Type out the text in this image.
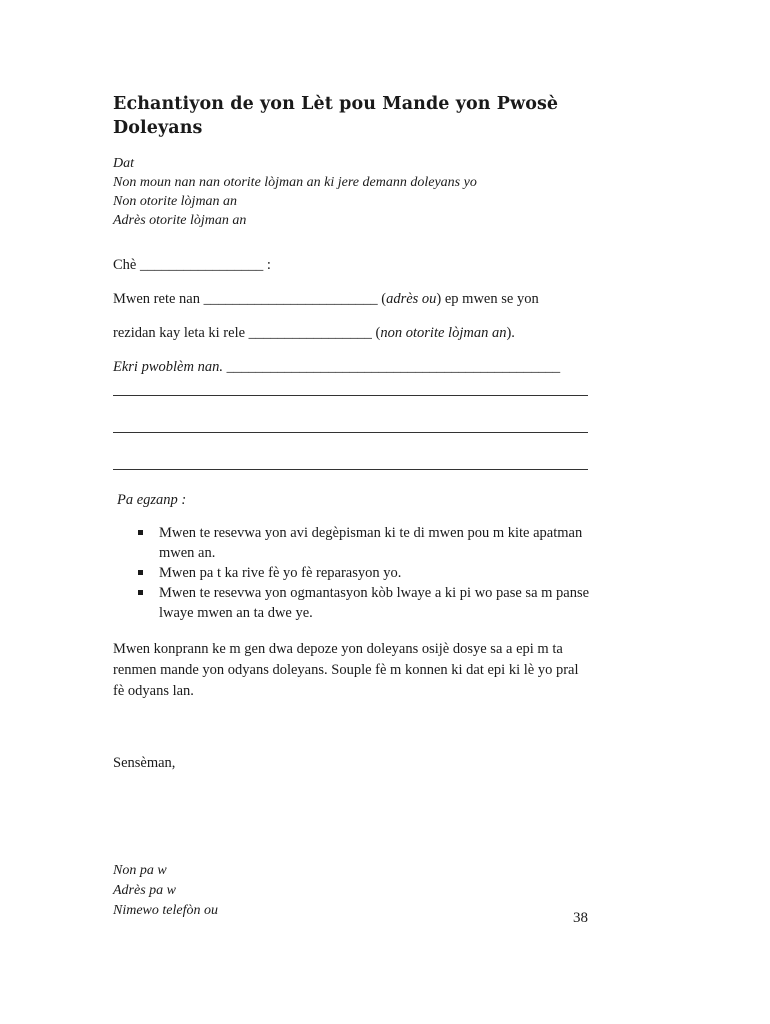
Echantiyon de yon Lèt pou Mande yon Pwosè Doleyans
Dat
Non moun nan nan otorite lòjman an ki jere demann doleyans yo
Non otorite lòjman an
Adrès otorite lòjman an
Chè _________________ :
Mwen rete nan ________________________ (adrès ou) ep mwen se yon
rezidan kay leta ki rele _________________ (non otorite lòjman an).
Ekri pwoblèm nan. ______________________________________________
Pa egzanp :
Mwen te resevwa yon avi degèpisman ki te di mwen pou m kite apatman mwen an.
Mwen pa t ka rive fè yo fè reparasyon yo.
Mwen te resevwa yon ogmantasyon kòb lwaye a ki pi wo pase sa m panse lwaye mwen an ta dwe ye.
Mwen konprann ke m gen dwa depoze yon doleyans osijè dosye sa a epi m ta renmen mande yon odyans doleyans. Souple fè m konnen ki dat epi ki lè yo pral fè odyans lan.
Sensèman,
Non pa w
Adrès pa w
Nimewo telefòn ou	38
